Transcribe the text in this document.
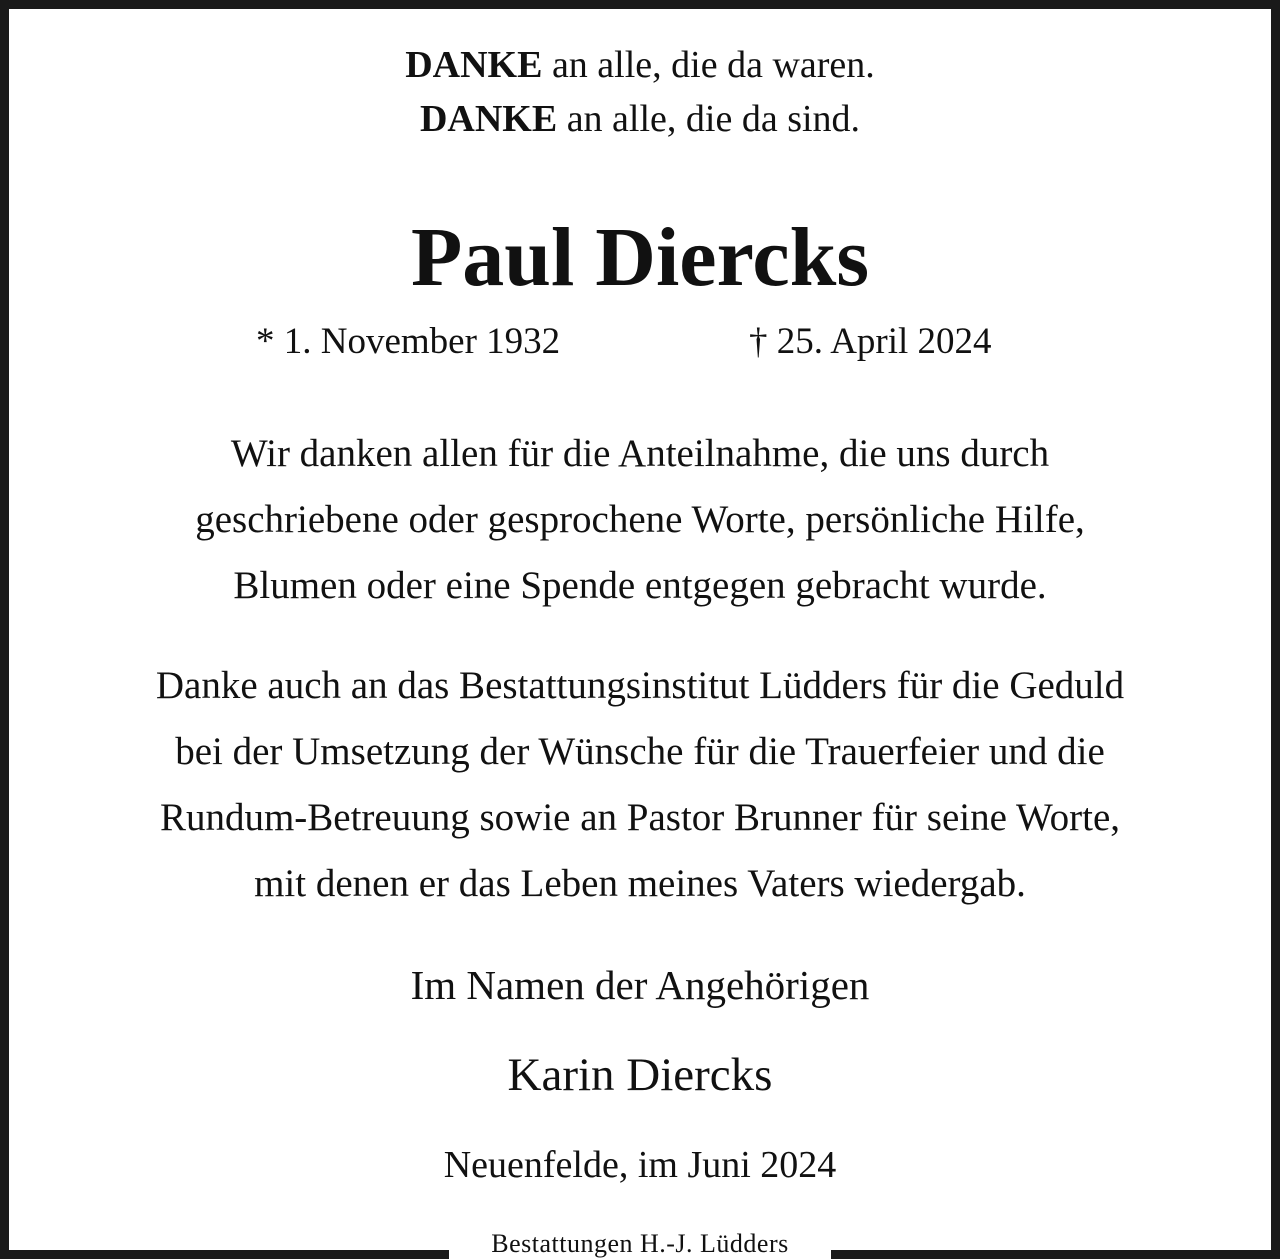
Bestattungen H.-J. Lüdders
DANKE an alle, die da waren.
DANKE an alle, die da sind.
Paul Diercks
* 1. November 1932	† 25. April 2024
Wir danken allen für die Anteilnahme, die uns durch
geschriebene oder gesprochene Worte, persönliche Hilfe,
Blumen oder eine Spende entgegen gebracht wurde.
Danke auch an das Bestattungsinstitut Lüdders für die Geduld
bei der Umsetzung der Wünsche für die Trauerfeier und die
Rundum-Betreuung sowie an Pastor Brunner für seine Worte,
mit denen er das Leben meines Vaters wiedergab.
Im Namen der Angehörigen
Karin Diercks
Neuenfelde, im Juni 2024
